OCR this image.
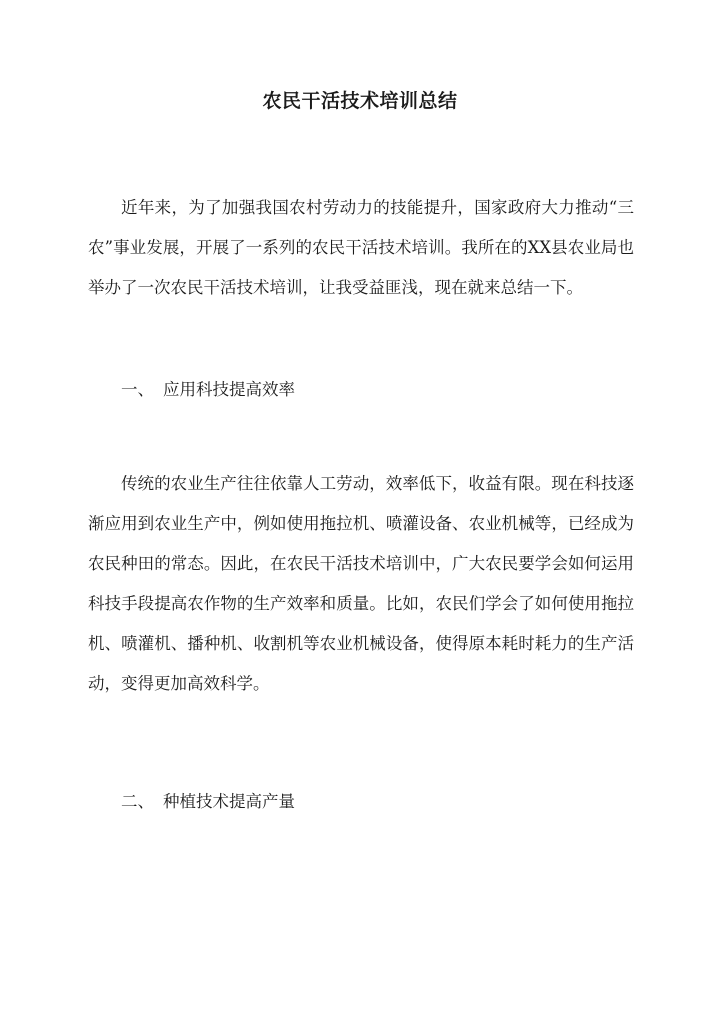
农民干活技术培训总结

近年来，为了加强我国农村劳动力的技能提升，国家政府大力推动“三农”事业发展，开展了一系列的农民干活技术培训。我所在的XX县农业局也举办了一次农民干活技术培训，让我受益匪浅，现在就来总结一下。

一、 应用科技提高效率

传统的农业生产往往依靠人工劳动，效率低下，收益有限。现在科技逐渐应用到农业生产中，例如使用拖拉机、喷灌设备、农业机械等，已经成为农民种田的常态。因此，在农民干活技术培训中，广大农民要学会如何运用科技手段提高农作物的生产效率和质量。比如，农民们学会了如何使用拖拉机、喷灌机、播种机、收割机等农业机械设备，使得原本耗时耗力的生产活动，变得更加高效科学。

二、 种植技术提高产量
